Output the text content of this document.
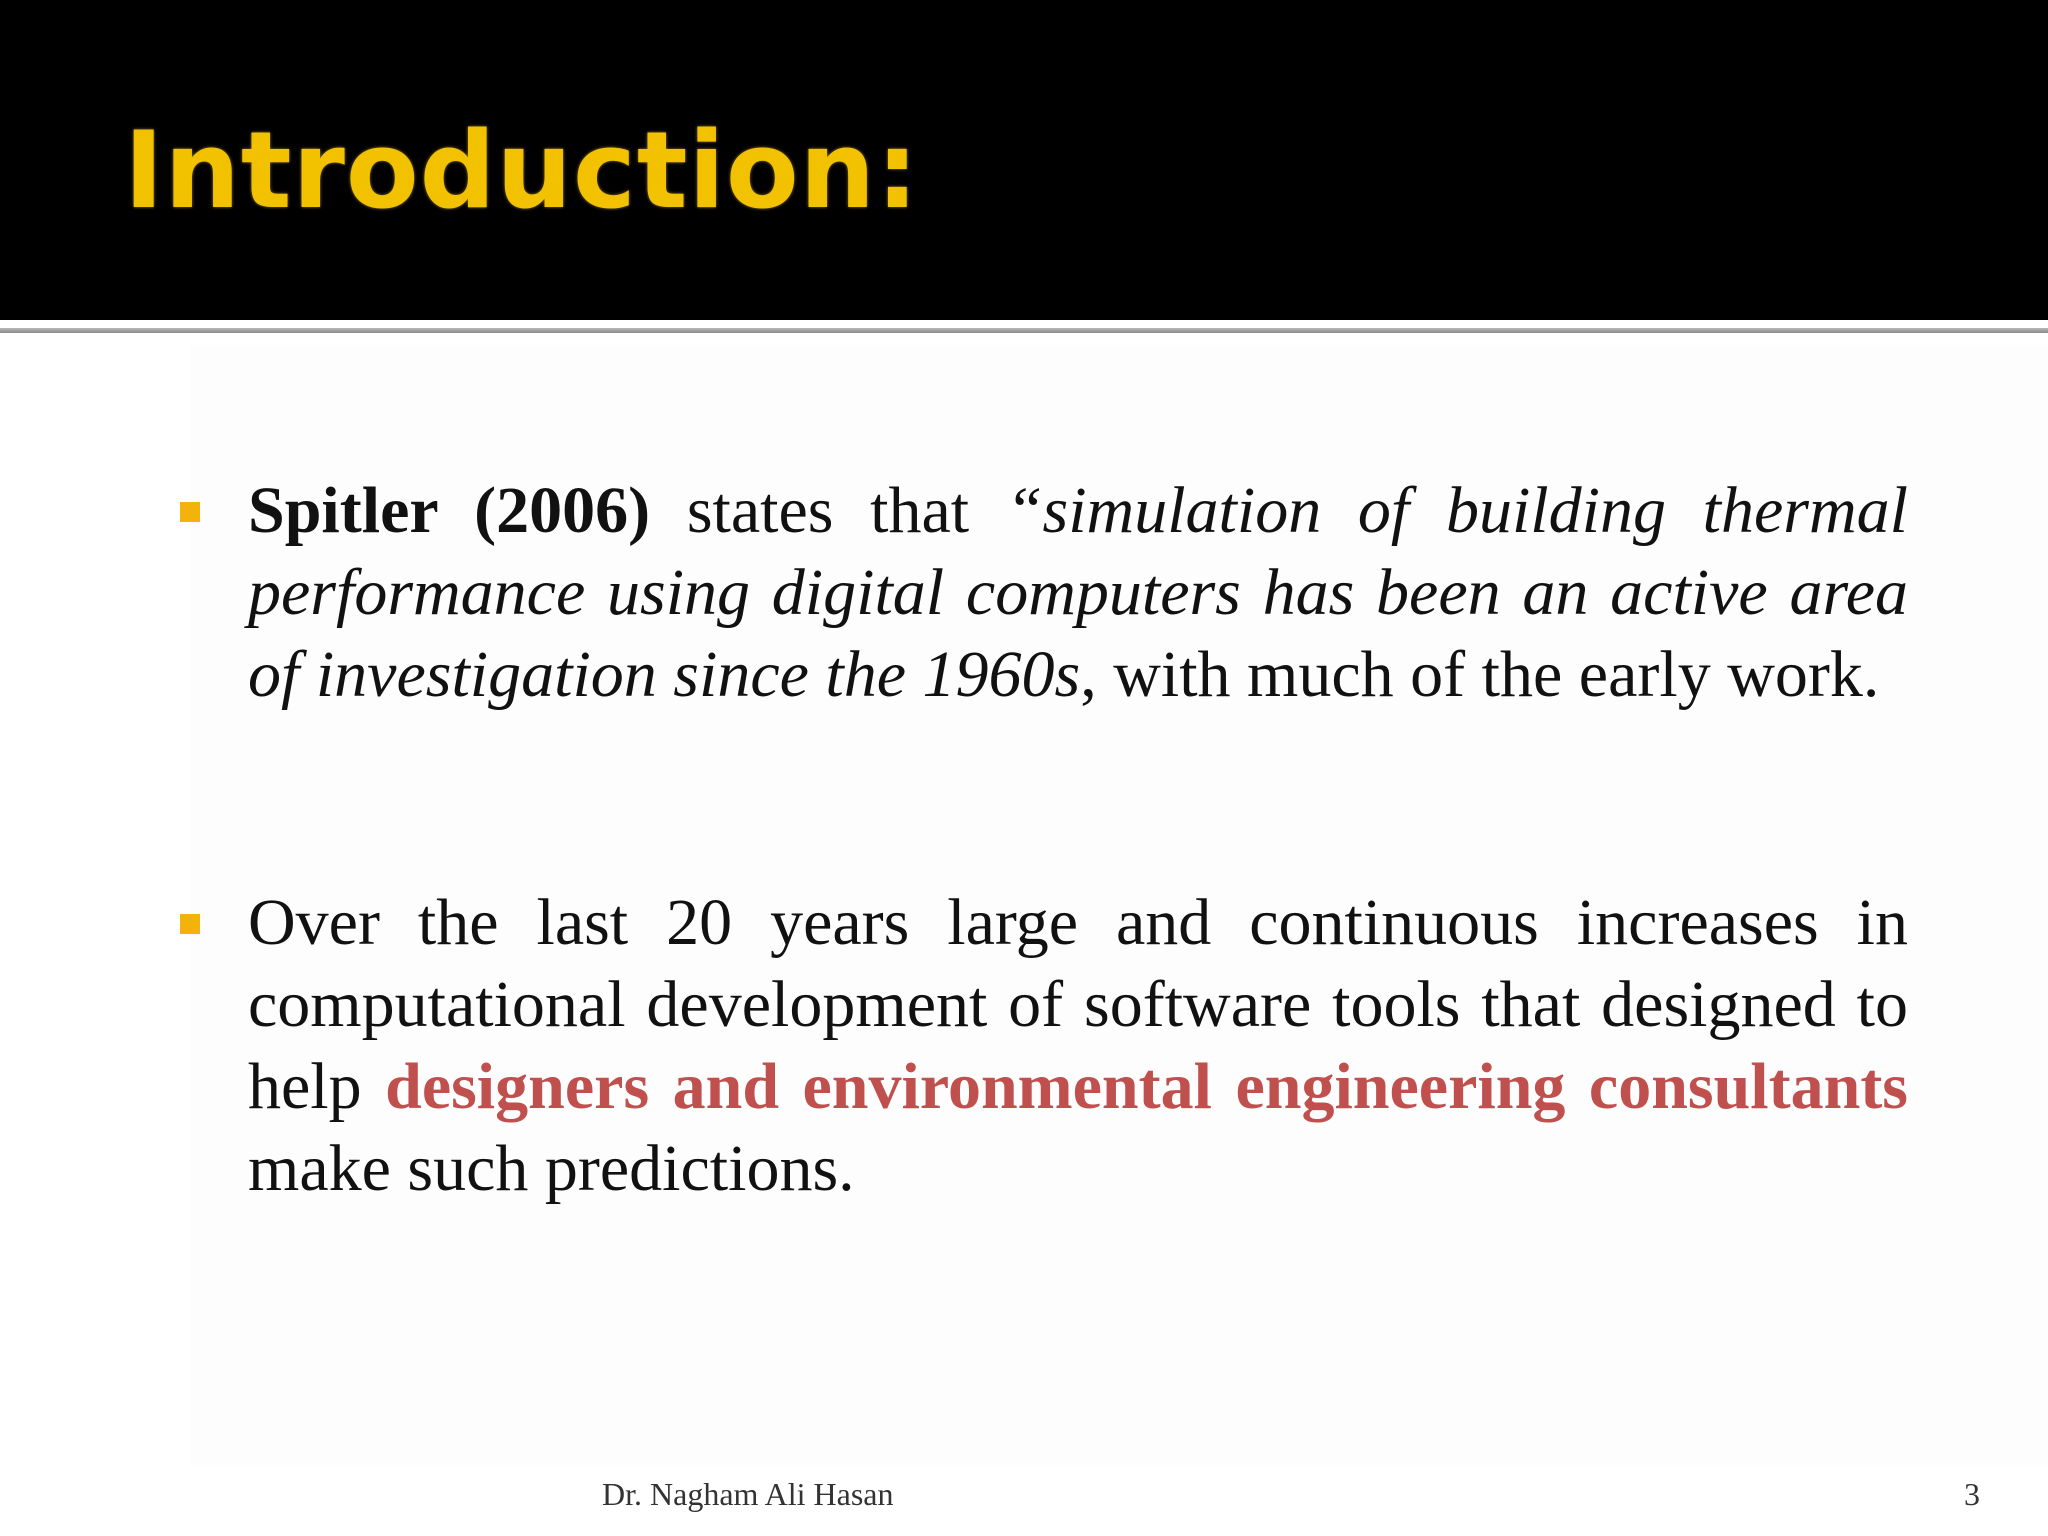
Introduction:

Spitler (2006) states that “simulation of building thermal performance using digital computers has been an active area of investigation since the 1960s, with much of the early work.

Over the last 20 years large and continuous increases in computational development of software tools that designed to help designers and environmental engineering consultants make such predictions.

Dr. Nagham Ali Hasan	3
